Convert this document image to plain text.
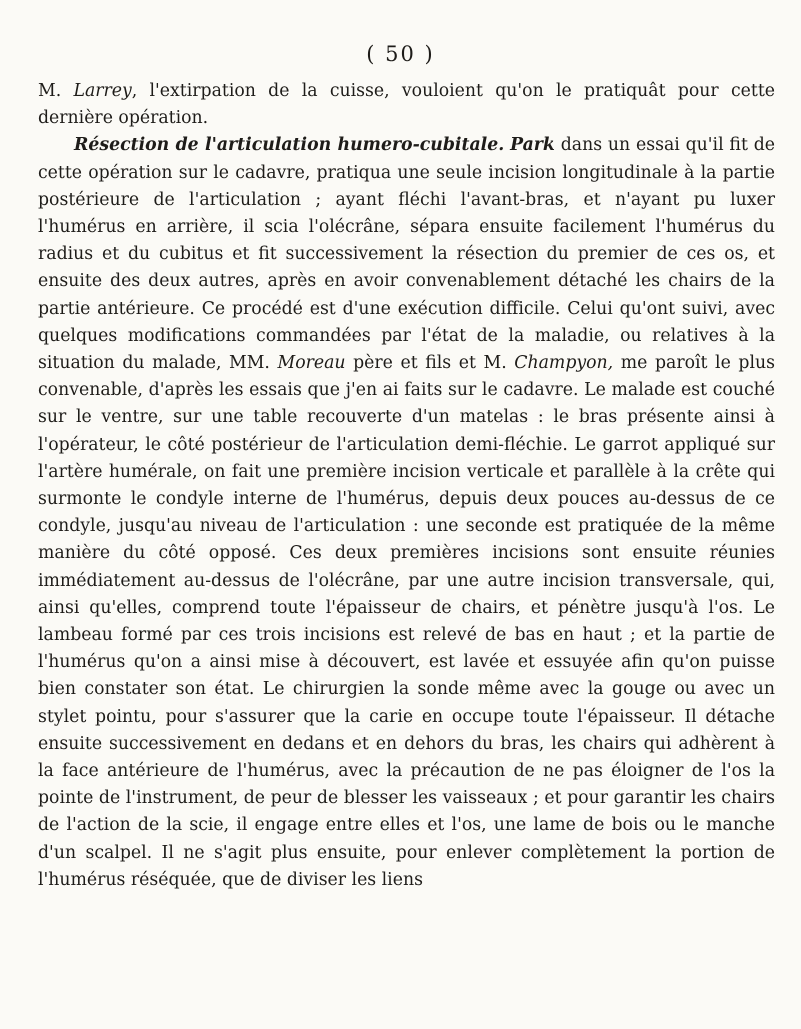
( 50 )

M. Larrey, l'extirpation de la cuisse, vouloient qu'on le pratiquât pour cette dernière opération.

Résection de l'articulation humero-cubitale. Park dans un essai qu'il fit de cette opération sur le cadavre, pratiqua une seule incision longitudinale à la partie postérieure de l'articulation ; ayant fléchi l'avant-bras, et n'ayant pu luxer l'humérus en arrière, il scia l'olécrâne, sépara ensuite facilement l'humérus du radius et du cubitus et fit successivement la résection du premier de ces os, et ensuite des deux autres, après en avoir convenablement détaché les chairs de la partie antérieure. Ce procédé est d'une exécution difficile. Celui qu'ont suivi, avec quelques modifications commandées par l'état de la maladie, ou relatives à la situation du malade, MM. Moreau père et fils et M. Champyon, me paroît le plus convenable, d'après les essais que j'en ai faits sur le cadavre. Le malade est couché sur le ventre, sur une table recouverte d'un matelas : le bras présente ainsi à l'opérateur, le côté postérieur de l'articulation demi-fléchie. Le garrot appliqué sur l'artère humérale, on fait une première incision verticale et parallèle à la crête qui surmonte le condyle interne de l'humérus, depuis deux pouces au-dessus de ce condyle, jusqu'au niveau de l'articulation : une seconde est pratiquée de la même manière du côté opposé. Ces deux premières incisions sont ensuite réunies immédiatement au-dessus de l'olécrâne, par une autre incision transversale, qui, ainsi qu'elles, comprend toute l'épaisseur de chairs, et pénètre jusqu'à l'os. Le lambeau formé par ces trois incisions est relevé de bas en haut ; et la partie de l'humérus qu'on a ainsi mise à découvert, est lavée et essuyée afin qu'on puisse bien constater son état. Le chirurgien la sonde même avec la gouge ou avec un stylet pointu, pour s'assurer que la carie en occupe toute l'épaisseur. Il détache ensuite successivement en dedans et en dehors du bras, les chairs qui adhèrent à la face antérieure de l'humérus, avec la précaution de ne pas éloigner de l'os la pointe de l'instrument, de peur de blesser les vaisseaux ; et pour garantir les chairs de l'action de la scie, il engage entre elles et l'os, une lame de bois ou le manche d'un scalpel. Il ne s'agit plus ensuite, pour enlever complètement la portion de l'humérus réséquée, que de diviser les liens
